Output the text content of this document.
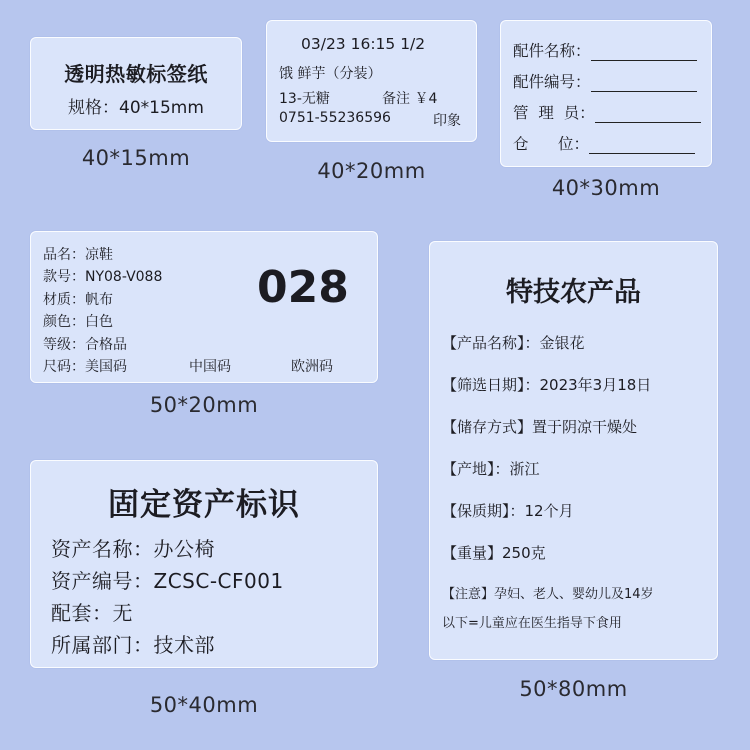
透明热敏标签纸
规格：40*15mm
40*15mm
03/23 16:15 1/2
饿 鲜芋（分装）
13-无糖	备注 ￥4
0751-55236596	印象
40*20mm
配件名称：
配件编号：
管  理  员：
仓      位：
40*30mm
品名：凉鞋
款号：NY08-V088
材质：帆布
颜色：白色
等级：合格品
尺码：美国码	中国码	欧洲码
028
50*20mm
特技农产品
【产品名称】：金银花
【筛选日期】：2023年3月18日
【储存方式】置于阴凉干燥处
【产地】：浙江
【保质期】：12个月
【重量】250克
【注意】孕妇、老人、婴幼儿及14岁
以下=儿童应在医生指导下食用
50*80mm
固定资产标识
资产名称：办公椅
资产编号：ZCSC-CF001
配套：无
所属部门：技术部
50*40mm
